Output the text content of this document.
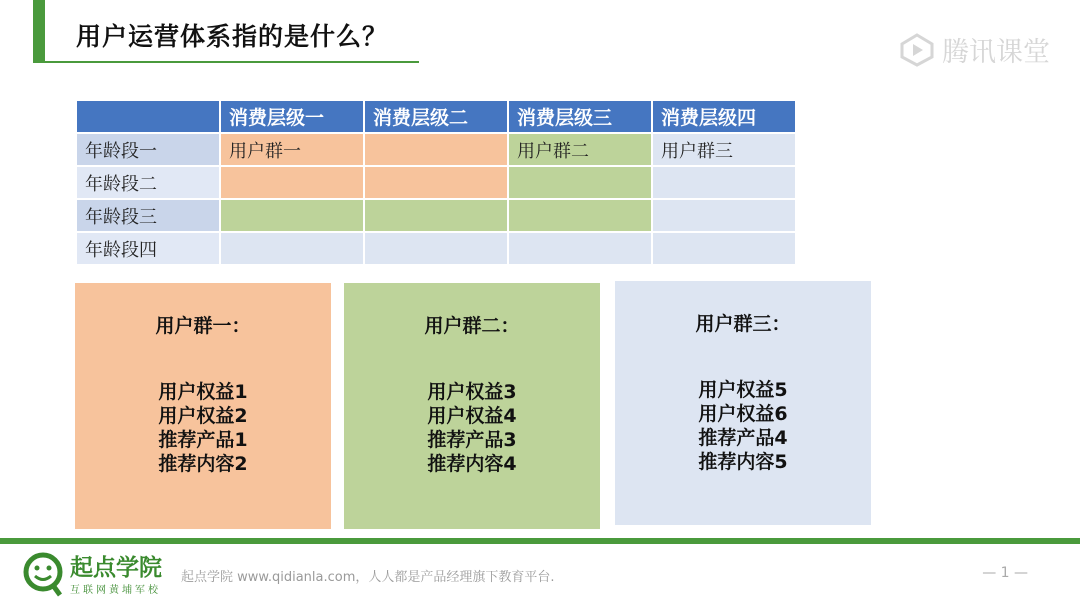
用户运营体系指的是什么？
腾讯课堂
	消费层级一	消费层级二	消费层级三	消费层级四
年龄段一	用户群一		用户群二	用户群三
年龄段二				
年龄段三				
年龄段四				
用户群一：
用户权益1
用户权益2
推荐产品1
推荐内容2
用户群二：
用户权益3
用户权益4
推荐产品3
推荐内容4
用户群三：
用户权益5
用户权益6
推荐产品4
推荐内容5
起点学院
互联网黄埔军校
起点学院 www.qidianla.com，人人都是产品经理旗下教育平台.	— 1 —
